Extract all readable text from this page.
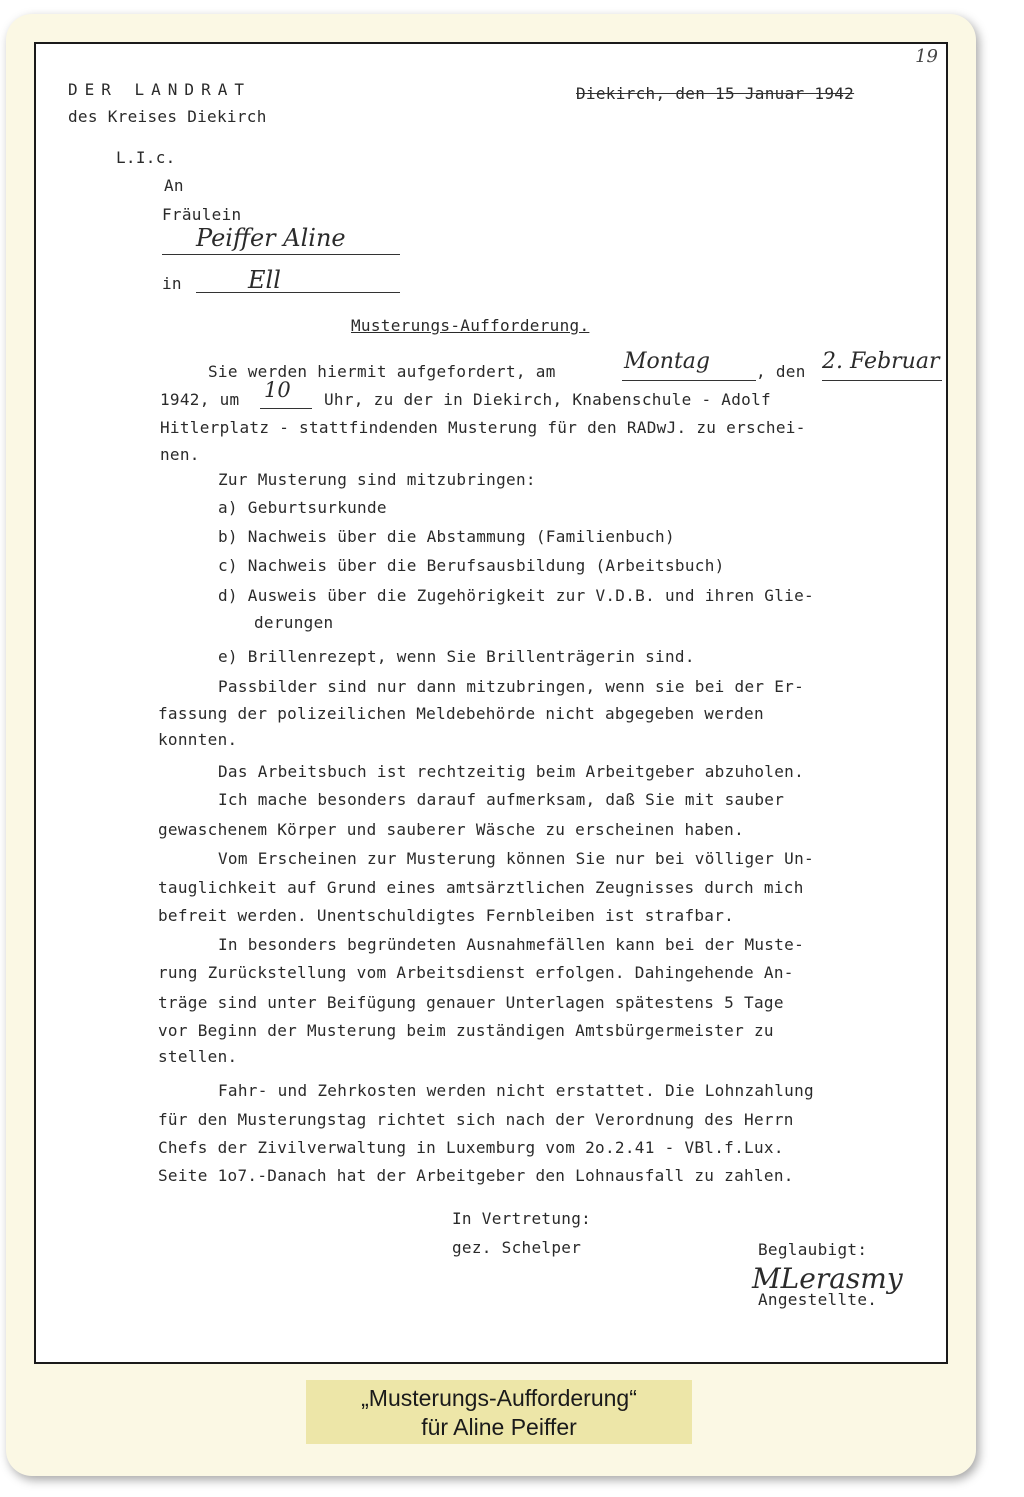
19
DER LANDRAT
des Kreises Diekirch
Diekirch, den 15 Januar 1942
L.I.c.
An
Fräulein
Peiffer Aline
in	Ell
Musterungs-Aufforderung.
Sie werden hiermit aufgefordert, am	Montag	, den 2. Februar
1942, um 10 Uhr, zu der in Diekirch, Knabenschule - Adolf
Hitlerplatz - stattfindenden Musterung für den RADwJ. zu erschei-
nen.
Zur Musterung sind mitzubringen:
a) Geburtsurkunde
b) Nachweis über die Abstammung (Familienbuch)
c) Nachweis über die Berufsausbildung (Arbeitsbuch)
d) Ausweis über die Zugehörigkeit zur V.D.B. und ihren Glie-
derungen
e) Brillenrezept, wenn Sie Brillenträgerin sind.
Passbilder sind nur dann mitzubringen, wenn sie bei der Er-
fassung der polizeilichen Meldebehörde nicht abgegeben werden
konnten.
Das Arbeitsbuch ist rechtzeitig beim Arbeitgeber abzuholen.
Ich mache besonders darauf aufmerksam, daß Sie mit sauber
gewaschenem Körper und sauberer Wäsche zu erscheinen haben.
Vom Erscheinen zur Musterung können Sie nur bei völliger Un-
tauglichkeit auf Grund eines amtsärztlichen Zeugnisses durch mich
befreit werden. Unentschuldigtes Fernbleiben ist strafbar.
In besonders begründeten Ausnahmefällen kann bei der Muste-
rung Zurückstellung vom Arbeitsdienst erfolgen. Dahingehende An-
träge sind unter Beifügung genauer Unterlagen spätestens 5 Tage
vor Beginn der Musterung beim zuständigen Amtsbürgermeister zu
stellen.
Fahr- und Zehrkosten werden nicht erstattet. Die Lohnzahlung
für den Musterungstag richtet sich nach der Verordnung des Herrn
Chefs der Zivilverwaltung in Luxemburg vom 2o.2.41 - VBl.f.Lux.
Seite 1o7.-Danach hat der Arbeitgeber den Lohnausfall zu zahlen.
In Vertretung:
gez. Schelper	Beglaubigt:
MLerasmy
Angestellte.
„Musterungs-Aufforderung“
für Aline Peiffer
